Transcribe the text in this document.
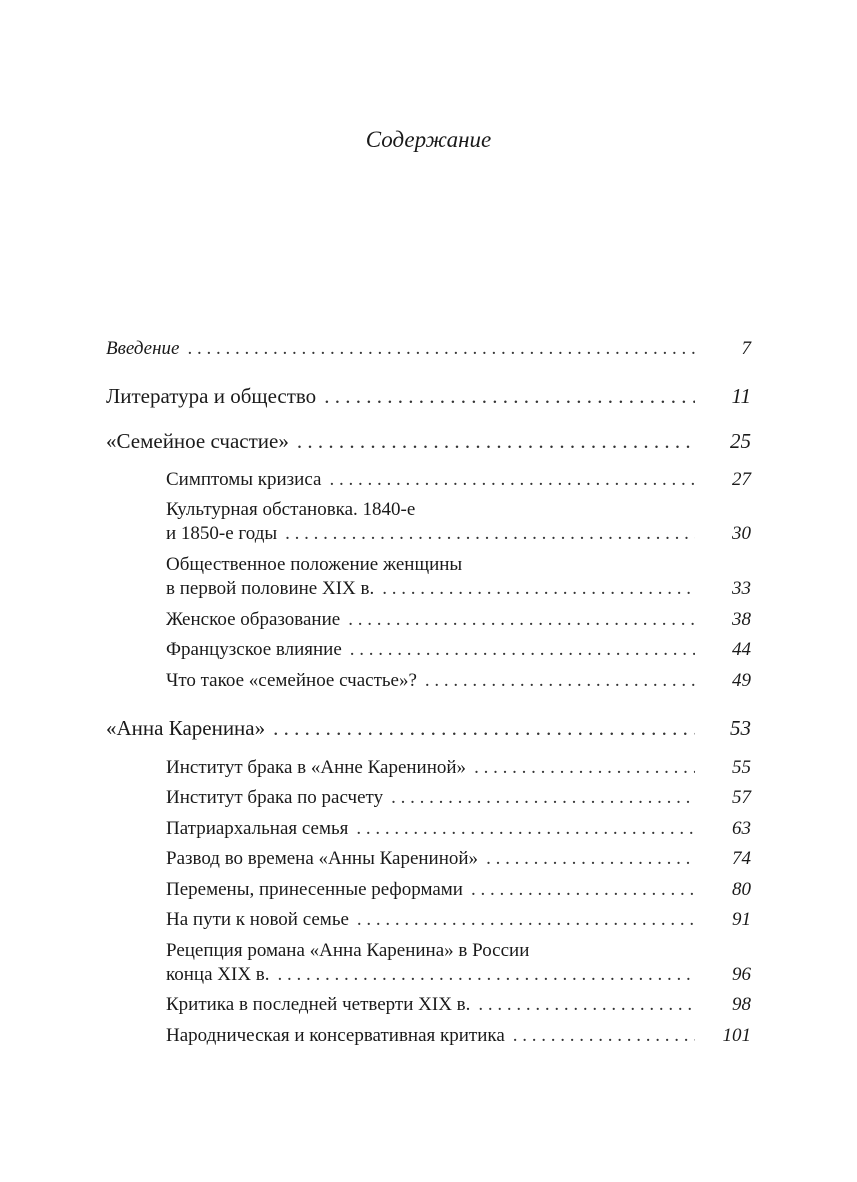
Содержание
Введение . . .	7
Литература и общество . . .	11
«Семейное счастие» . . .	25
Симптомы кризиса . . .	27
Культурная обстановка. 1840-е
и 1850-е годы . . .	30
Общественное положение женщины
в первой половине XIX в. . . .	33
Женское образование . . .	38
Французское влияние . . .	44
Что такое «семейное счастье»? . . .	49
«Анна Каренина» . . .	53
Институт брака в «Анне Карениной» . . .	55
Институт брака по расчету . . .	57
Патриархальная семья . . .	63
Развод во времена «Анны Карениной» . . .	74
Перемены, принесенные реформами . . .	80
На пути к новой семье . . .	91
Рецепция романа «Анна Каренина» в России
конца XIX в. . . .	96
Критика в последней четверти XIX в. . . .	98
Народническая и консервативная критика . . .	101
